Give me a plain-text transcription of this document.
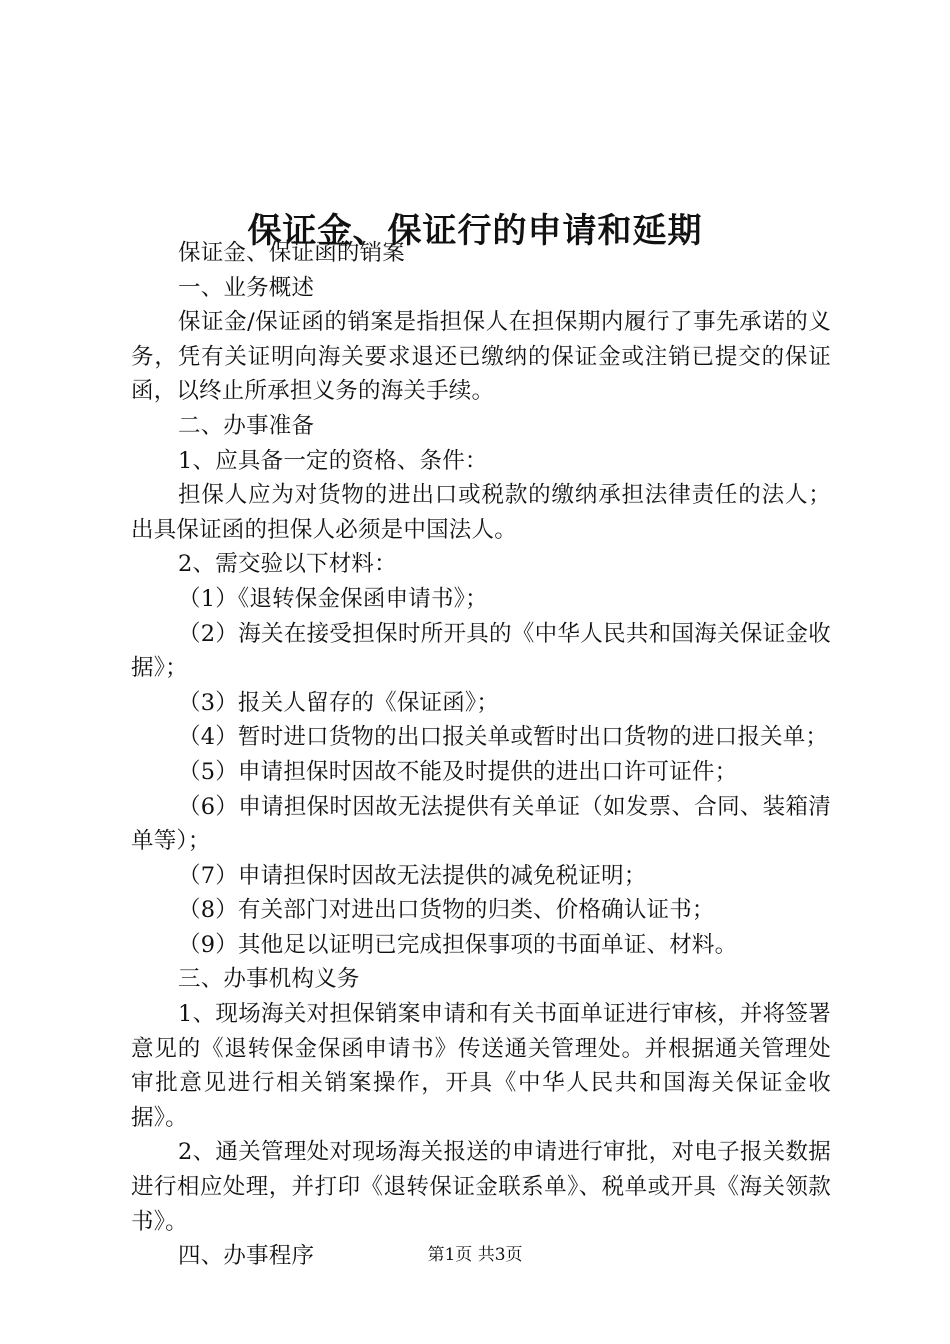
保证金、保证行的申请和延期

保证金、保证函的销案

一、业务概述

保证金/保证函的销案是指担保人在担保期内履行了事先承诺的义务，凭有关证明向海关要求退还已缴纳的保证金或注销已提交的保证函，以终止所承担义务的海关手续。

二、办事准备

1、应具备一定的资格、条件：

担保人应为对货物的进出口或税款的缴纳承担法律责任的法人；出具保证函的担保人必须是中国法人。

2、需交验以下材料：

（1）《退转保金保函申请书》；

（2）海关在接受担保时所开具的《中华人民共和国海关保证金收据》；

（3）报关人留存的《保证函》；

（4）暂时进口货物的出口报关单或暂时出口货物的进口报关单；

（5）申请担保时因故不能及时提供的进出口许可证件；

（6）申请担保时因故无法提供有关单证（如发票、合同、装箱清单等）；

（7）申请担保时因故无法提供的减免税证明；

（8）有关部门对进出口货物的归类、价格确认证书；

（9）其他足以证明已完成担保事项的书面单证、材料。

三、办事机构义务

1、现场海关对担保销案申请和有关书面单证进行审核，并将签署意见的《退转保金保函申请书》传送通关管理处。并根据通关管理处审批意见进行相关销案操作，开具《中华人民共和国海关保证金收据》。

2、通关管理处对现场海关报送的申请进行审批，对电子报关数据进行相应处理，并打印《退转保证金联系单》、税单或开具《海关领款书》。

四、办事程序	第1页 共3页
